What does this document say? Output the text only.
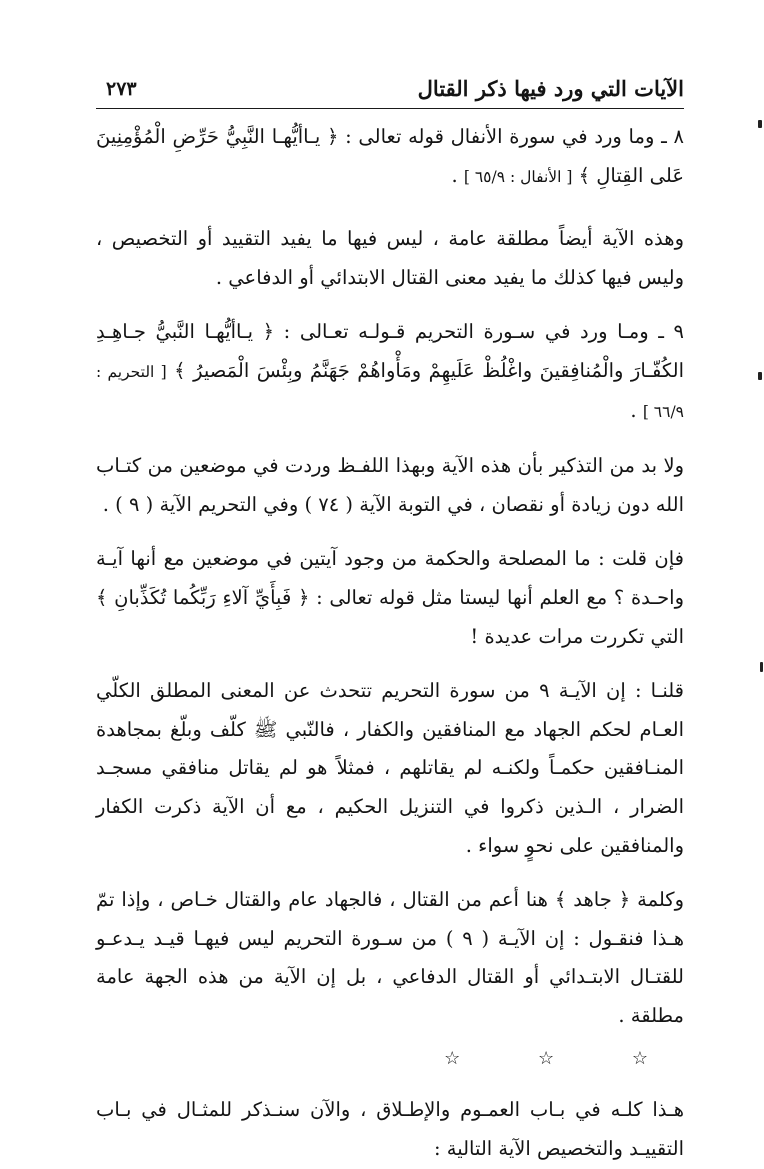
الآيات التي ورد فيها ذكر القتال
٢٧٣

٨ ـ وما ورد في سورة الأنفال قوله تعالى : ﴿ يـاأيُّهـا النَّبِيُّ حَرِّضِ الْمُؤْمِنِينَ عَلى القِتالِ ﴾ [ الأنفال : ٦٥/٩ ] .

وهذه الآية أيضاً مطلقة عامة ، ليس فيها ما يفيد التقييد أو التخصيص ، وليس فيها كذلك ما يفيد معنى القتال الابتدائي أو الدفاعي .

٩ ـ ومـا ورد في سـورة التحريم قـولـه تعـالى : ﴿ يـاأيُّهـا النَّبيُّ جـاهِـدِ الكُفّـارَ والْمُنافِقينَ واغْلُظْ عَلَيهِمْ ومَأْواهُمْ جَهَنَّمُ وبِئْسَ الْمَصيرُ ﴾ [ التحريم : ٦٦/٩ ] .

ولا بد من التذكير بأن هذه الآية وبهذا اللفـظ وردت في موضعين من كتـاب الله دون زيادة أو نقصان ، في التوبة الآية ( ٧٤ ) وفي التحريم الآية ( ٩ ) .

فإن قلت : ما المصلحة والحكمة من وجود آيتين في موضعين مع أنها آيـة واحـدة ؟ مع العلم أنها ليستا مثل قوله تعالى : ﴿ فَبِأَيِّ آلاءِ رَبِّكُما تُكَذِّبانِ ﴾ التي تكررت مرات عديدة !

قلنـا : إن الآيـة ٩ من سورة التحريم تتحدث عن المعنى المطلق الكلّي العـام لحكم الجهاد مع المنافقين والكفار ، فالنّبي ﷺ كلّف وبلّغ بمجاهدة المنـافقين حكمـاً ولكنـه لم يقاتلهم ، فمثلاً هو لم يقاتل منافقي مسجـد الضرار ، الـذين ذكروا في التنزيل الحكيم ، مع أن الآية ذكرت الكفار والمنافقين على نحوٍ سواء .

وكلمة ﴿ جاهد ﴾ هنا أعم من القتال ، فالجهاد عام والقتال خـاص ، وإذا تمّ هـذا فنقـول : إن الآيـة ( ٩ ) من سـورة التحريم ليس فيهـا قيـد يـدعـو للقتـال الابتـدائي أو القتال الدفاعي ، بل إن الآية من هذه الجهة عامة مطلقة .

☆ ☆ ☆

هـذا كلـه في بـاب العمـوم والإطـلاق ، والآن سنـذكر للمثـال في بـاب التقييـد والتخصيص الآية التالية :
